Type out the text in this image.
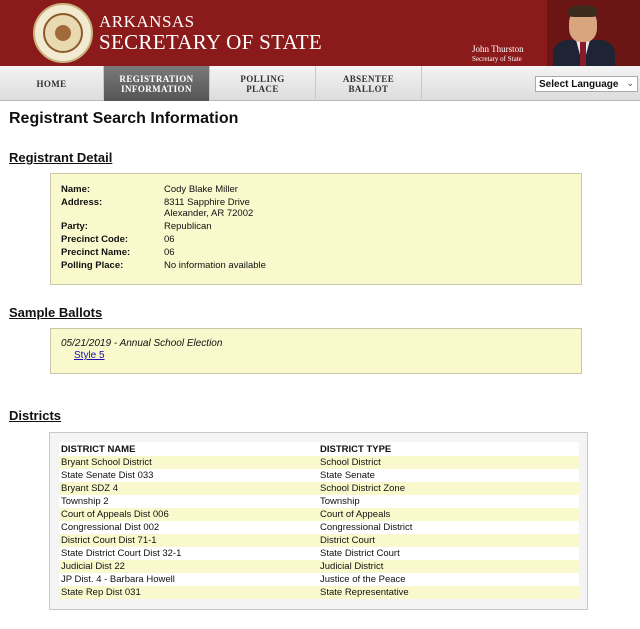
ARKANSAS
SECRETARY OF STATE	John Thurston
Secretary of State
HOME	REGISTRATION
INFORMATION
POLLING
PLACE
ABSENTEE
BALLOT	Select Language ⌄
Registrant Search Information
Registrant Detail
Name:	Cody Blake Miller
Address:	8311 Sapphire Drive
Alexander, AR 72002
Party:	Republican
Precinct Code:	06
Precinct Name:	06
Polling Place:	No information available
Sample Ballots
05/21/2019 - Annual School Election
Style 5
Districts
DISTRICT NAME	DISTRICT TYPE
Bryant School District	School District
State Senate Dist 033	State Senate
Bryant SDZ 4	School District Zone
Township 2	Township
Court of Appeals Dist 006	Court of Appeals
Congressional Dist 002	Congressional District
District Court Dist 71-1	District Court
State District Court Dist 32-1	State District Court
Judicial Dist 22	Judicial District
JP Dist. 4 - Barbara Howell	Justice of the Peace
State Rep Dist 031	State Representative
